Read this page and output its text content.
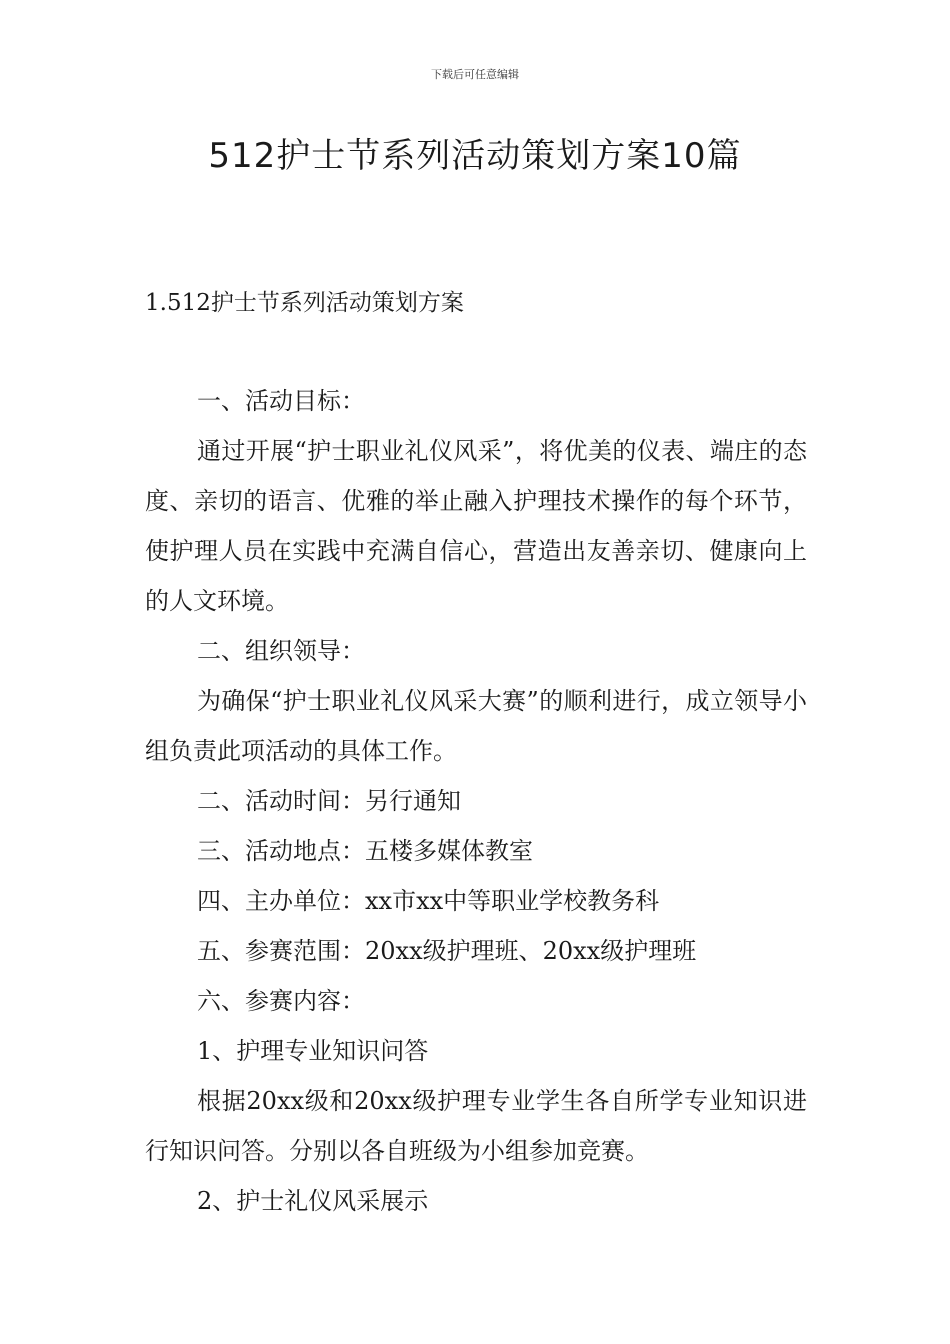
下载后可任意编辑
512护士节系列活动策划方案10篇
1.512护士节系列活动策划方案

一、活动目标：

通过开展“护士职业礼仪风采”，将优美的仪表、端庄的态度、亲切的语言、优雅的举止融入护理技术操作的每个环节，使护理人员在实践中充满自信心，营造出友善亲切、健康向上的人文环境。

二、组织领导：

为确保“护士职业礼仪风采大赛”的顺利进行，成立领导小组负责此项活动的具体工作。

二、活动时间：另行通知

三、活动地点：五楼多媒体教室

四、主办单位：xx市xx中等职业学校教务科

五、参赛范围：20xx级护理班、20xx级护理班

六、参赛内容：

1、护理专业知识问答

根据20xx级和20xx级护理专业学生各自所学专业知识进行知识问答。分别以各自班级为小组参加竞赛。

2、护士礼仪风采展示
